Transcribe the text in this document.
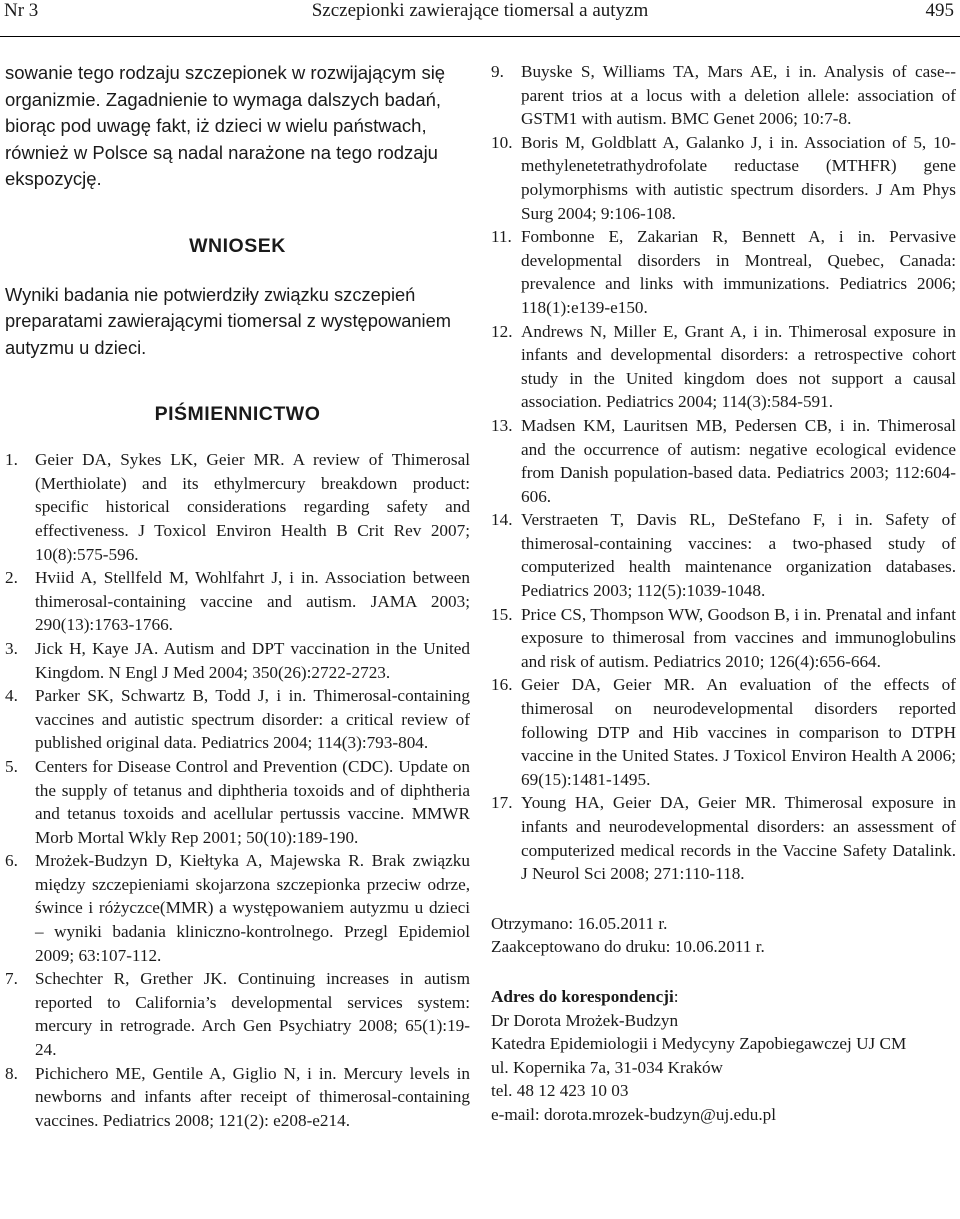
Nr 3	Szczepionki zawierające tiomersal a autyzm	495

sowanie tego rodzaju szczepionek w rozwijającym się organizmie. Zagadnienie to wymaga dalszych badań, biorąc pod uwagę fakt, iż dzieci w wielu państwach, również w Polsce są nadal narażone na tego rodzaju ekspozycję.

WNIOSEK

Wyniki badania nie potwierdziły związku szczepień preparatami zawierającymi tiomersal z występowaniem autyzmu u dzieci.

PIŚMIENNICTWO
1. Geier DA, Sykes LK, Geier MR. A review of Thimerosal (Merthiolate) and its ethylmercury breakdown product: specific historical considerations regarding safety and effectiveness. J Toxicol Environ Health B Crit Rev 2007; 10(8):575-596.
2. Hviid A, Stellfeld M, Wohlfahrt J, i in. Association between thimerosal-containing vaccine and autism. JAMA 2003; 290(13):1763-1766.
3. Jick H, Kaye JA. Autism and DPT vaccination in the United Kingdom. N Engl J Med 2004; 350(26):2722-2723.
4. Parker SK, Schwartz B, Todd J, i in. Thimerosal-containing vaccines and autistic spectrum disorder: a critical review of published original data. Pediatrics 2004; 114(3):793-804.
5. Centers for Disease Control and Prevention (CDC). Update on the supply of tetanus and diphtheria toxoids and of diphtheria and tetanus toxoids and acellular pertussis vaccine. MMWR Morb Mortal Wkly Rep 2001; 50(10):189-190.
6. Mrożek-Budzyn D, Kiełtyka A, Majewska R. Brak związku między szczepieniami skojarzona szczepionka przeciw odrze, śwince i różyczce(MMR) a występowaniem autyzmu u dzieci – wyniki badania kliniczno-kontrolnego. Przegl Epidemiol 2009; 63:107-112.
7. Schechter R, Grether JK. Continuing increases in autism reported to California’s developmental services system: mercury in retrograde. Arch Gen Psychiatry 2008; 65(1):19-24.
8. Pichichero ME, Gentile A, Giglio N, i in. Mercury levels in newborns and infants after receipt of thimerosal-containing vaccines. Pediatrics 2008; 121(2): e208-e214.
9. Buyske S, Williams TA, Mars AE, i in. Analysis of case--parent trios at a locus with a deletion allele: association of GSTM1 with autism. BMC Genet 2006; 10:7-8.
10. Boris M, Goldblatt A, Galanko J, i in. Association of 5, 10-methylenetetrathydrofolate reductase (MTHFR) gene polymorphisms with autistic spectrum disorders. J Am Phys Surg 2004; 9:106-108.
11. Fombonne E, Zakarian R, Bennett A, i in. Pervasive developmental disorders in Montreal, Quebec, Canada: prevalence and links with immunizations. Pediatrics 2006; 118(1):e139-e150.
12. Andrews N, Miller E, Grant A, i in. Thimerosal exposure in infants and developmental disorders: a retrospective cohort study in the United kingdom does not support a causal association. Pediatrics 2004; 114(3):584-591.
13. Madsen KM, Lauritsen MB, Pedersen CB, i in. Thimerosal and the occurrence of autism: negative ecological evidence from Danish population-based data. Pediatrics 2003; 112:604-606.
14. Verstraeten T, Davis RL, DeStefano F, i in. Safety of thimerosal-containing vaccines: a two-phased study of computerized health maintenance organization databases. Pediatrics 2003; 112(5):1039-1048.
15. Price CS, Thompson WW, Goodson B, i in. Prenatal and infant exposure to thimerosal from vaccines and immunoglobulins and risk of autism. Pediatrics 2010; 126(4):656-664.
16. Geier DA, Geier MR. An evaluation of the effects of thimerosal on neurodevelopmental disorders reported following DTP and Hib vaccines in comparison to DTPH vaccine in the United States. J Toxicol Environ Health A 2006; 69(15):1481-1495.
17. Young HA, Geier DA, Geier MR. Thimerosal exposure in infants and neurodevelopmental disorders: an assessment of computerized medical records in the Vaccine Safety Datalink. J Neurol Sci 2008; 271:110-118.
Otrzymano: 16.05.2011 r.
Zaakceptowano do druku: 10.06.2011 r.
Adres do korespondencji:
Dr Dorota Mrożek-Budzyn
Katedra Epidemiologii i Medycyny Zapobiegawczej UJ CM
ul. Kopernika 7a, 31-034 Kraków
tel. 48 12 423 10 03
e-mail: dorota.mrozek-budzyn@uj.edu.pl
